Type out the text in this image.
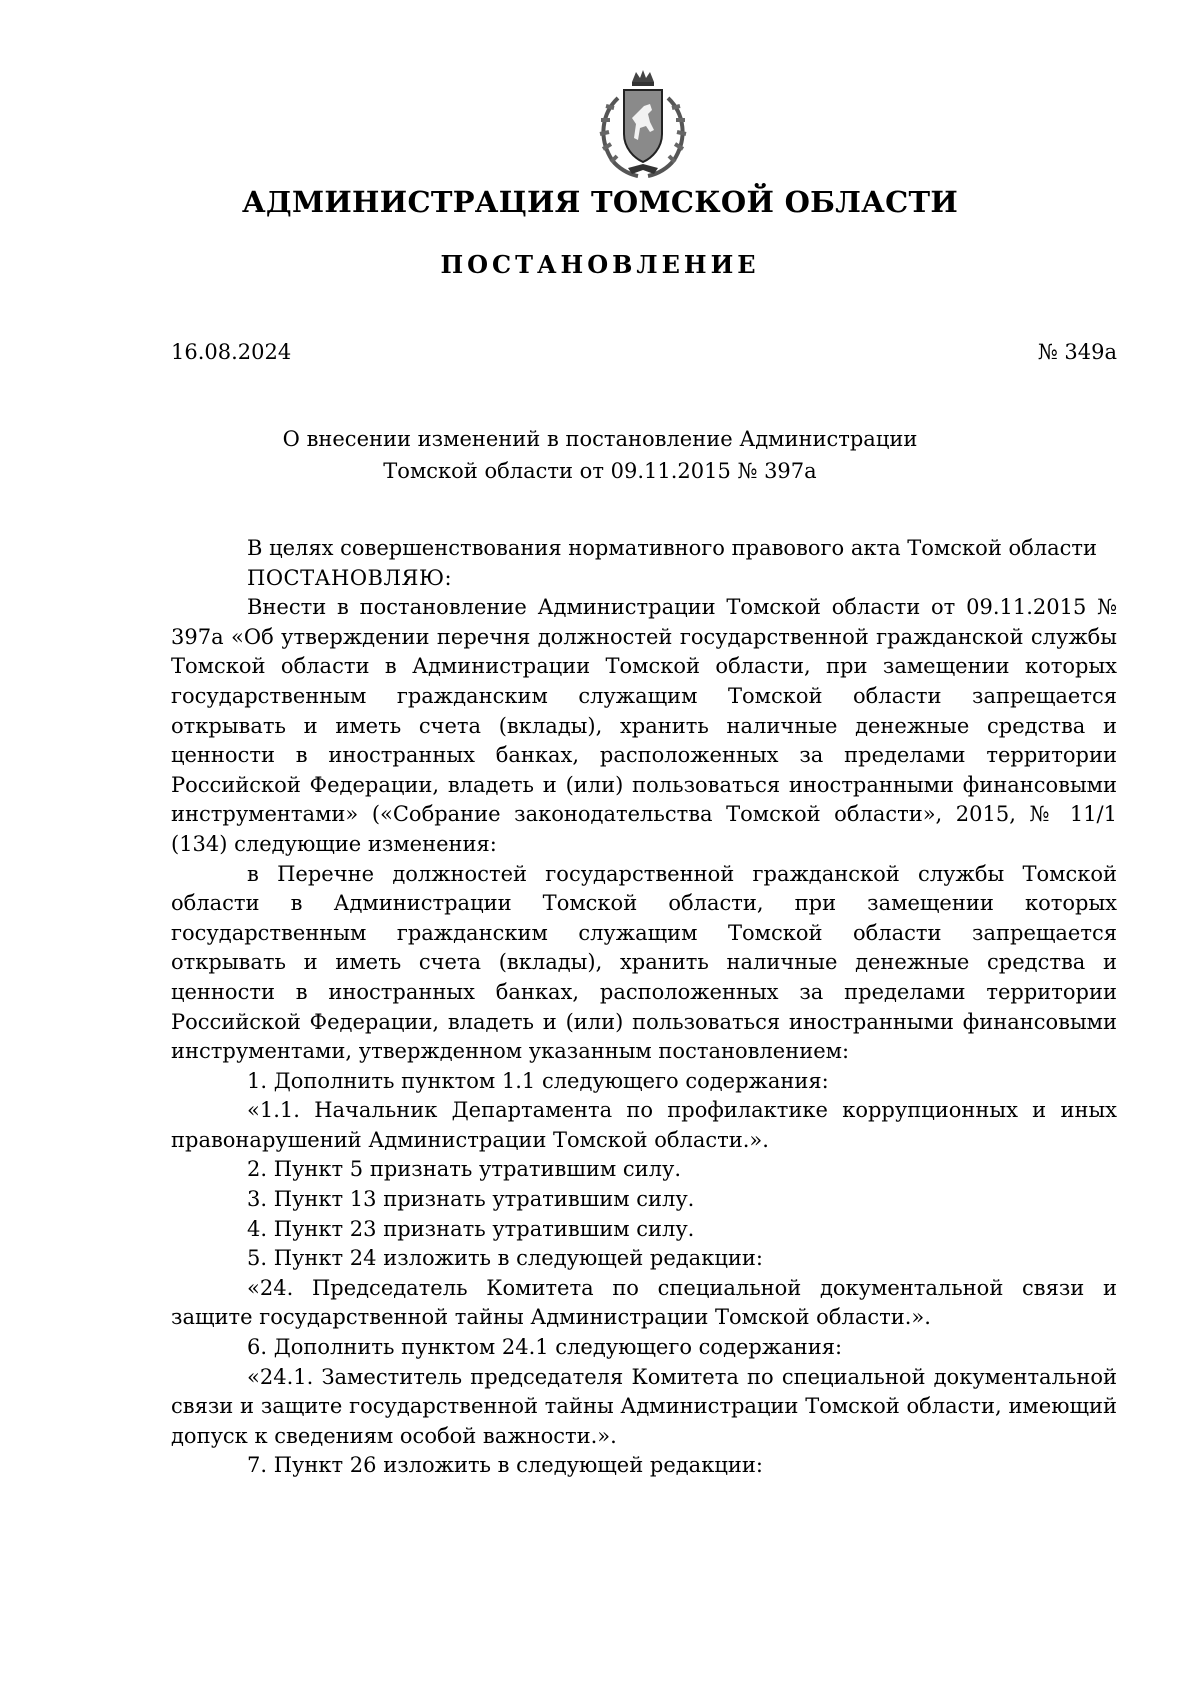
АДМИНИСТРАЦИЯ ТОМСКОЙ ОБЛАСТИ
ПОСТАНОВЛЕНИЕ
16.08.2024	№ 349а
О внесении изменений в постановление Администрации
Томской области от 09.11.2015 № 397а

В целях совершенствования нормативного правового акта Томской области

ПОСТАНОВЛЯЮ:

Внести в постановление Администрации Томской области от 09.11.2015 № 397а «Об утверждении перечня должностей государственной гражданской службы Томской области в Администрации Томской области, при замещении которых государственным гражданским служащим Томской области запрещается открывать и иметь счета (вклады), хранить наличные денежные средства и ценности в иностранных банках, расположенных за пределами территории Российской Федерации, владеть и (или) пользоваться иностранными финансовыми инструментами» («Собрание законодательства Томской области», 2015, № 11/1 (134) следующие изменения:

в Перечне должностей государственной гражданской службы Томской области в Администрации Томской области, при замещении которых государственным гражданским служащим Томской области запрещается открывать и иметь счета (вклады), хранить наличные денежные средства и ценности в иностранных банках, расположенных за пределами территории Российской Федерации, владеть и (или) пользоваться иностранными финансовыми инструментами, утвержденном указанным постановлением:

1. Дополнить пунктом 1.1 следующего содержания:

«1.1. Начальник Департамента по профилактике коррупционных и иных правонарушений Администрации Томской области.».

2. Пункт 5 признать утратившим силу.

3. Пункт 13 признать утратившим силу.

4. Пункт 23 признать утратившим силу.

5. Пункт 24 изложить в следующей редакции:

«24. Председатель Комитета по специальной документальной связи и защите государственной тайны Администрации Томской области.».

6. Дополнить пунктом 24.1 следующего содержания:

«24.1. Заместитель председателя Комитета по специальной документальной связи и защите государственной тайны Администрации Томской области, имеющий допуск к сведениям особой важности.».

7. Пункт 26 изложить в следующей редакции:
